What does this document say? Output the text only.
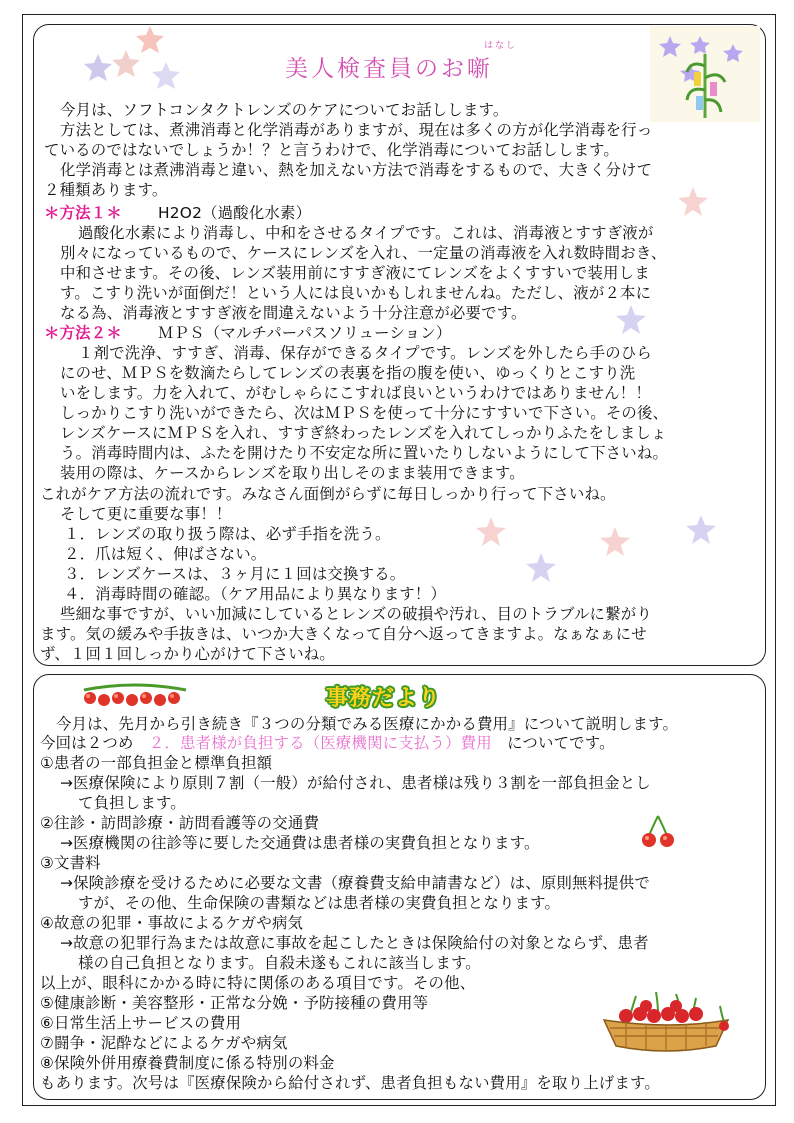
美人検査員のお噺
はなし
今月は、ソフトコンタクトレンズのケアについてお話しします。
方法としては、煮沸消毒と化学消毒がありますが、現在は多くの方が化学消毒を行っ
ているのではないでしょうか！？と言うわけで、化学消毒についてお話しします。
化学消毒とは煮沸消毒と違い、熱を加えない方法で消毒をするもので、大きく分けて
２種類あります。
＊方法１＊ H2O2（過酸化水素）
過酸化水素により消毒し、中和をさせるタイプです。これは、消毒液とすすぎ液が
別々になっているもので、ケースにレンズを入れ、一定量の消毒液を入れ数時間おき、
中和させます。その後、レンズ装用前にすすぎ液にてレンズをよくすすいで装用しま
す。こすり洗いが面倒だ！という人には良いかもしれませんね。ただし、液が２本に
なる為、消毒液とすすぎ液を間違えないよう十分注意が必要です。
＊方法２＊ ＭＰＳ（マルチパーパスソリューション）
１剤で洗浄、すすぎ、消毒、保存ができるタイプです。レンズを外したら手のひら
にのせ、ＭＰＳを数滴たらしてレンズの表裏を指の腹を使い、ゆっくりとこすり洗
いをします。力を入れて、がむしゃらにこすれば良いというわけではありません！！
しっかりこすり洗いができたら、次はＭＰＳを使って十分にすすいで下さい。その後、
レンズケースにＭＰＳを入れ、すすぎ終わったレンズを入れてしっかりふたをしましょ
う。消毒時間内は、ふたを開けたり不安定な所に置いたりしないようにして下さいね。
装用の際は、ケースからレンズを取り出しそのまま装用できます。
これがケア方法の流れです。みなさん面倒がらずに毎日しっかり行って下さいね。
そして更に重要な事！！
１．レンズの取り扱う際は、必ず手指を洗う。
２．爪は短く、伸ばさない。
３．レンズケースは、３ヶ月に１回は交換する。
４．消毒時間の確認。（ケア用品により異なります！）
些細な事ですが、いい加減にしているとレンズの破損や汚れ、目のトラブルに繋がり
ます。気の緩みや手抜きは、いつか大きくなって自分へ返ってきますよ。なぁなぁにせ
ず、１回１回しっかり心がけて下さいね。
事務だより
今月は、先月から引き続き『３つの分類でみる医療にかかる費用』について説明します。
今回は２つめ ２．患者様が負担する（医療機関に支払う）費用 についてです。
①患者の一部負担金と標準負担額
→医療保険により原則７割（一般）が給付され、患者様は残り３割を一部負担金とし
て負担します。
②往診・訪問診療・訪問看護等の交通費
→医療機関の往診等に要した交通費は患者様の実費負担となります。
③文書料
→保険診療を受けるために必要な文書（療養費支給申請書など）は、原則無料提供で
すが、その他、生命保険の書類などは患者様の実費負担となります。
④故意の犯罪・事故によるケガや病気
→故意の犯罪行為または故意に事故を起こしたときは保険給付の対象とならず、患者
様の自己負担となります。自殺未遂もこれに該当します。
以上が、眼科にかかる時に特に関係のある項目です。その他、
⑤健康診断・美容整形・正常な分娩・予防接種の費用等
⑥日常生活上サービスの費用
⑦闘争・泥酔などによるケガや病気
⑧保険外併用療養費制度に係る特別の料金
もあります。次号は『医療保険から給付されず、患者負担もない費用』を取り上げます。
